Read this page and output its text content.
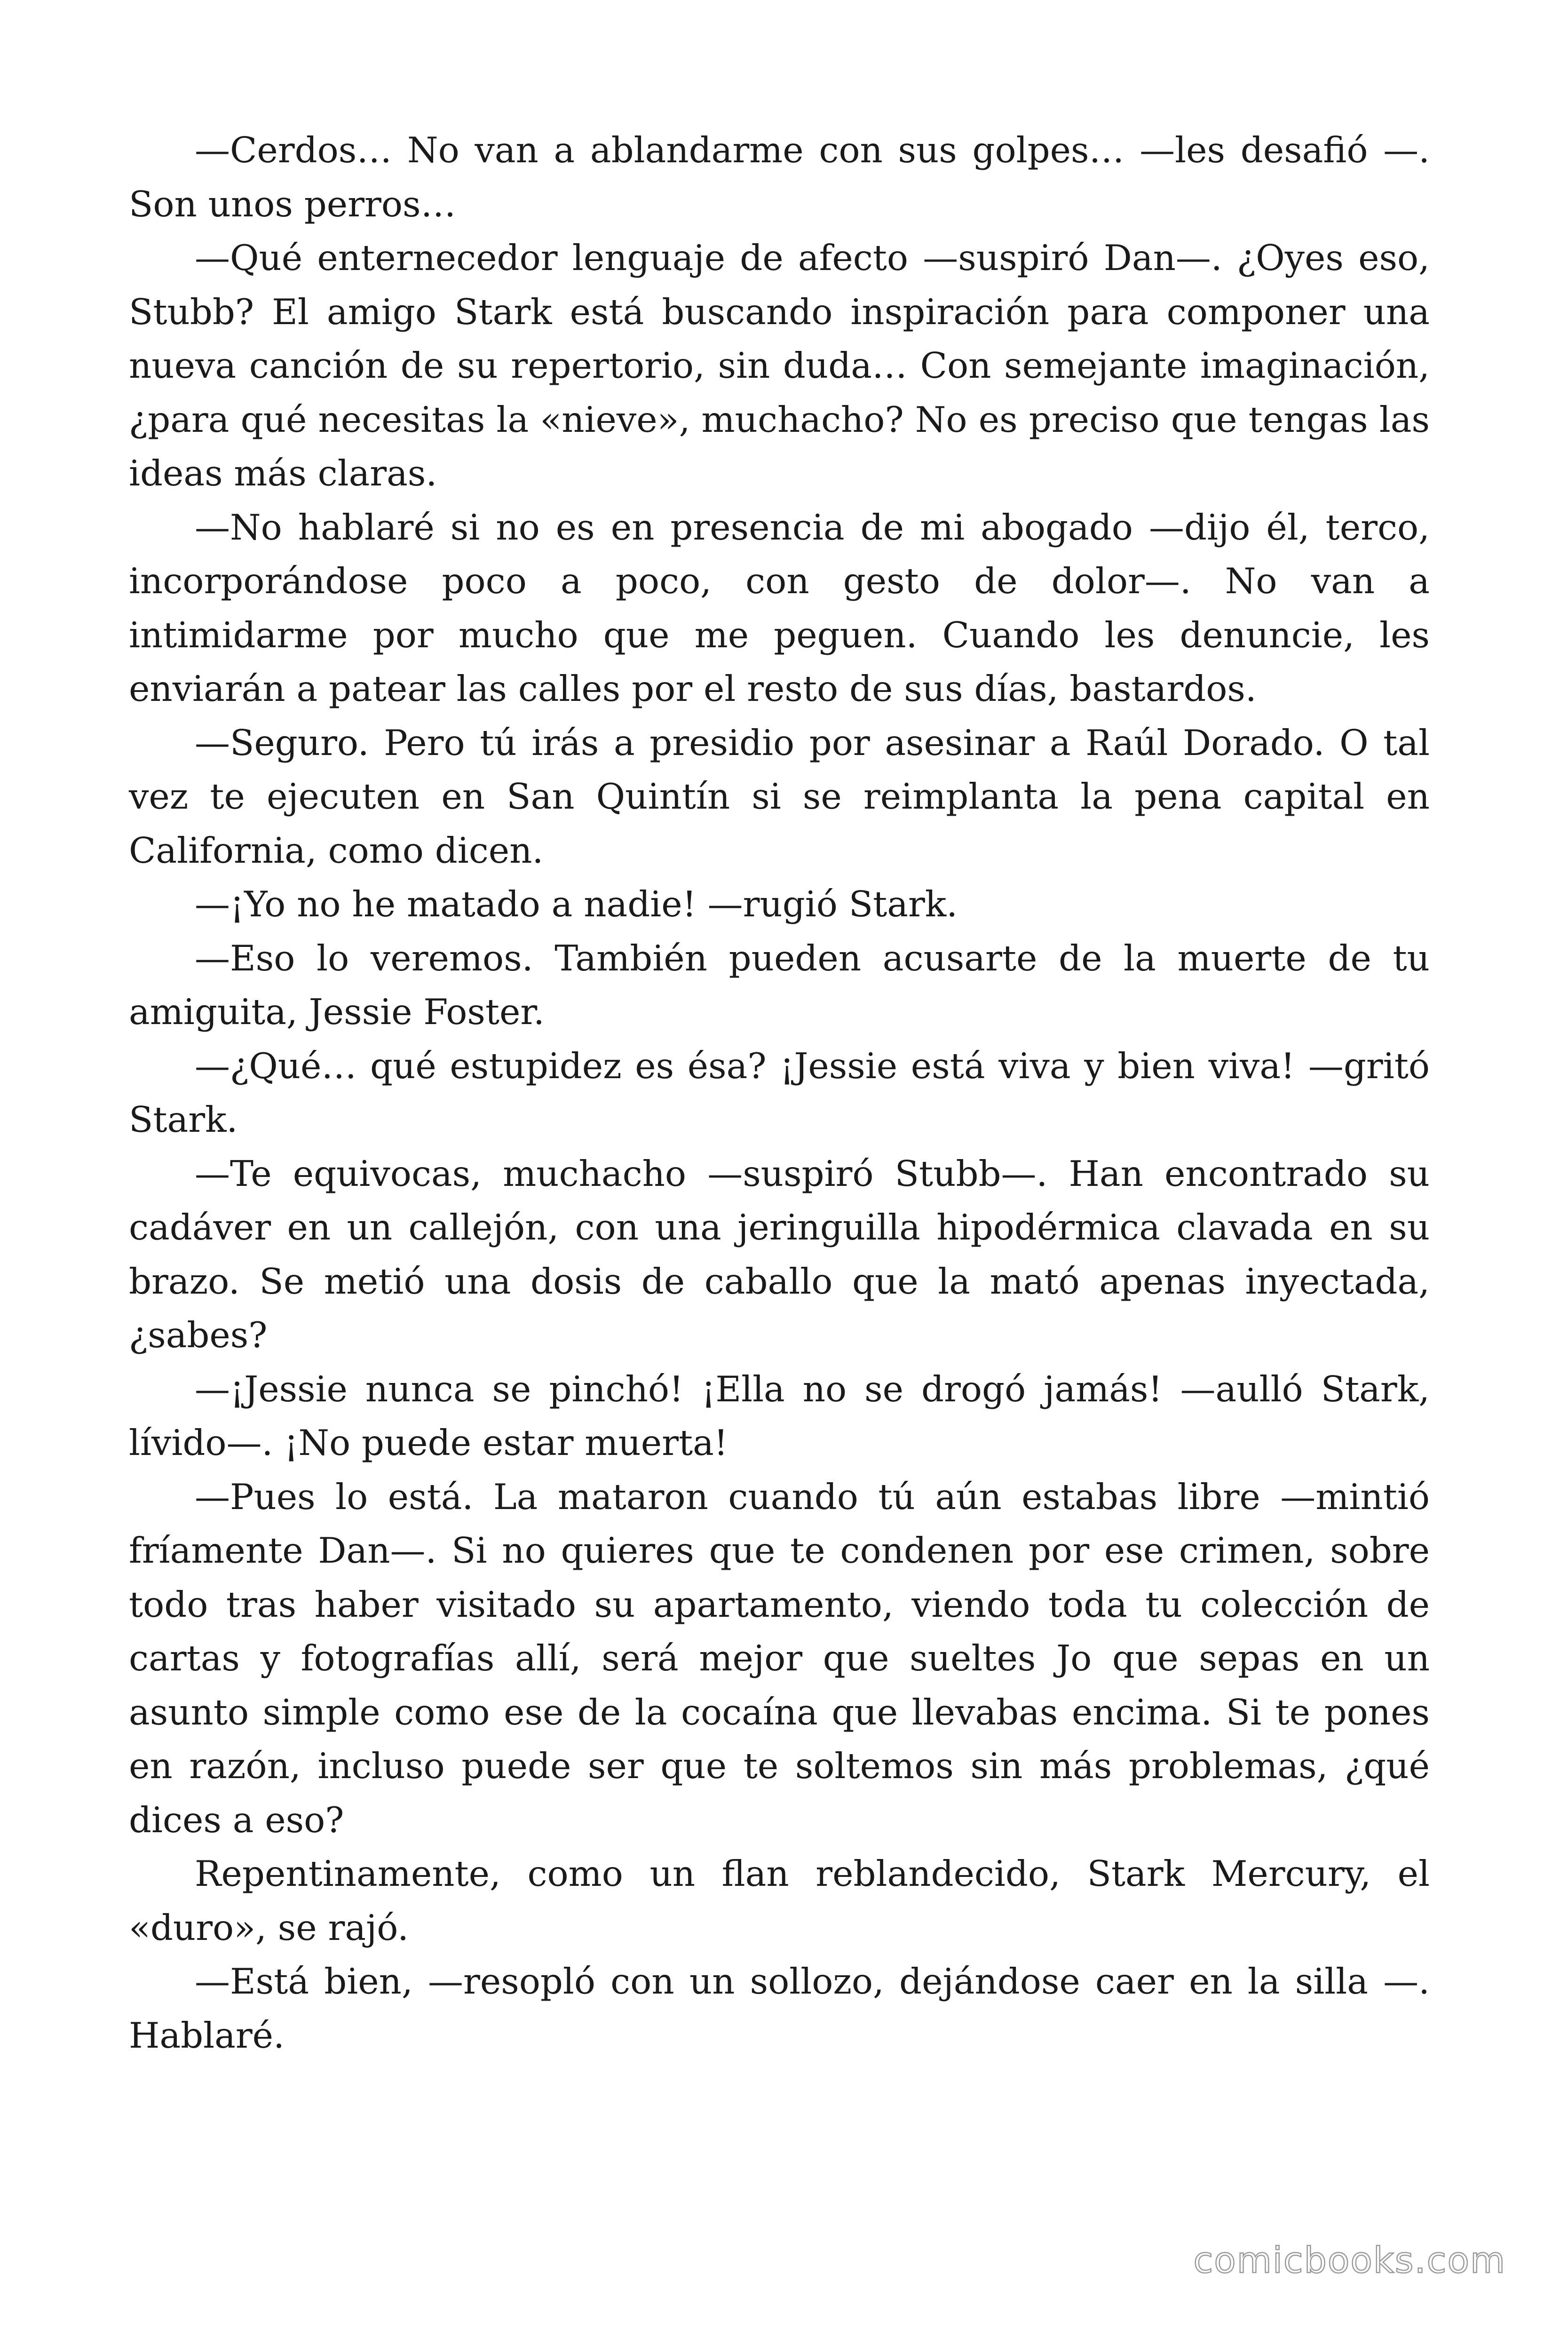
—Cerdos… No van a ablandarme con sus golpes… —les desafió —. Son unos perros…

—Qué enternecedor lenguaje de afecto —suspiró Dan—. ¿Oyes eso, Stubb? El amigo Stark está buscando inspiración para componer una nueva canción de su repertorio, sin duda… Con semejante imaginación, ¿para qué necesitas la «nieve», muchacho? No es preciso que tengas las ideas más claras.

—No hablaré si no es en presencia de mi abogado —dijo él, terco, incorporándose poco a poco, con gesto de dolor—. No van a intimidarme por mucho que me peguen. Cuando les denuncie, les enviarán a patear las calles por el resto de sus días, bastardos.

—Seguro. Pero tú irás a presidio por asesinar a Raúl Dorado. O tal vez te ejecuten en San Quintín si se reimplanta la pena capital en California, como dicen.

—¡Yo no he matado a nadie! —rugió Stark.

—Eso lo veremos. También pueden acusarte de la muerte de tu amiguita, Jessie Foster.

—¿Qué… qué estupidez es ésa? ¡Jessie está viva y bien viva! —gritó Stark.

—Te equivocas, muchacho —suspiró Stubb—. Han encontrado su cadáver en un callejón, con una jeringuilla hipodérmica clavada en su brazo. Se metió una dosis de caballo que la mató apenas inyectada, ¿sabes?

—¡Jessie nunca se pinchó! ¡Ella no se drogó jamás! —aulló Stark, lívido—. ¡No puede estar muerta!

—Pues lo está. La mataron cuando tú aún estabas libre —mintió fríamente Dan—. Si no quieres que te condenen por ese crimen, sobre todo tras haber visitado su apartamento, viendo toda tu colección de cartas y fotografías allí, será mejor que sueltes Jo que sepas en un asunto simple como ese de la cocaína que llevabas encima. Si te pones en razón, incluso puede ser que te soltemos sin más problemas, ¿qué dices a eso?

Repentinamente, como un flan reblandecido, Stark Mercury, el «duro», se rajó.

—Está bien, —resopló con un sollozo, dejándose caer en la silla —. Hablaré.

comicbooks.com
